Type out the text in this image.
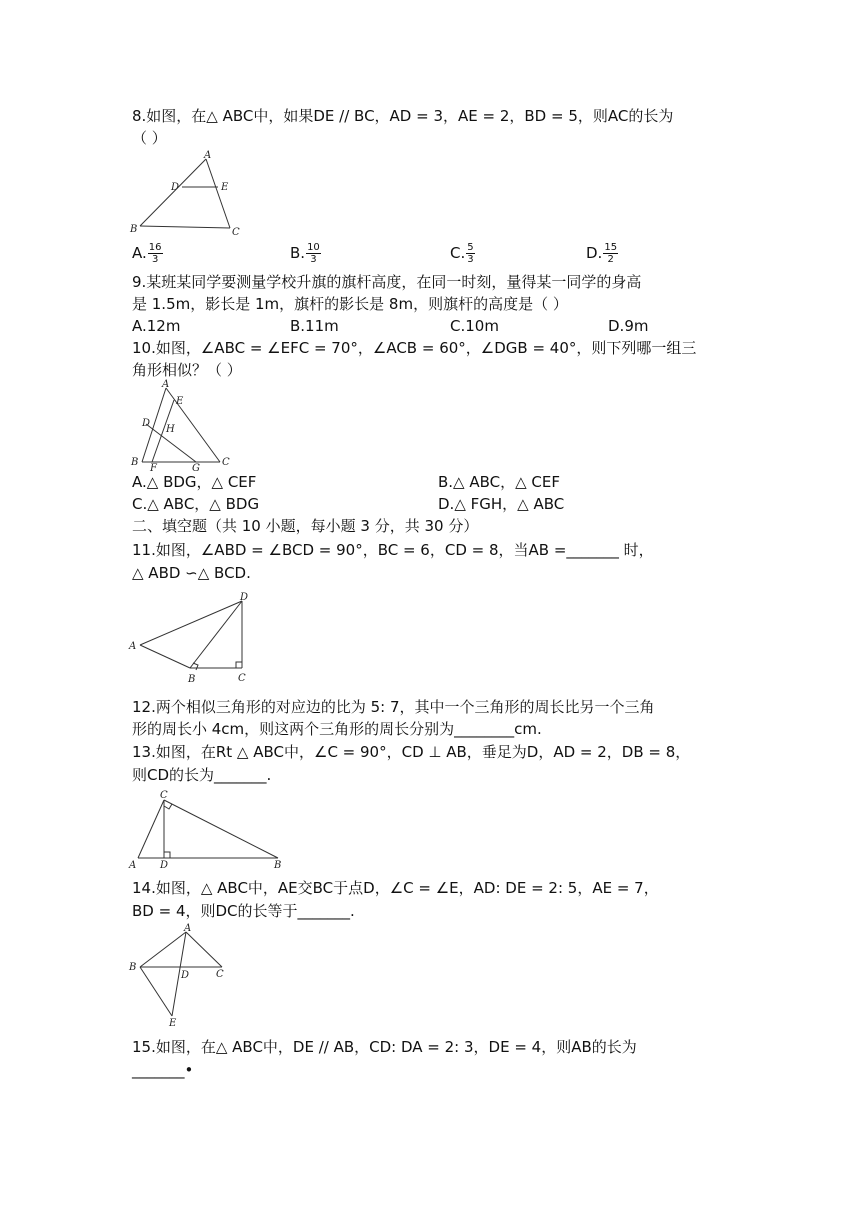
8.如图，在△ ABC中，如果DE // BC，AD = 3，AE = 2，BD = 5，则AC的长为
（ ）
A
D	E
B	C
A. $\frac{16}{3}$	B. $\frac{10}{3}$	C. $\frac{5}{3}$	D. $\frac{15}{2}$
9.某班某同学要测量学校升旗的旗杆高度，在同一时刻，量得某一同学的身高
是 1.5m，影长是 1m，旗杆的影长是 8m，则旗杆的高度是（ ）
A.12m	B.11m	C.10m	D.9m
10.如图，∠ABC = ∠EFC = 70°，∠ACB = 60°，∠DGB = 40°，则下列哪一组三
角形相似？（ ）
A
E
D
H
B
F	G
C
A.△ BDG，△ CEF	B.△ ABC，△ CEF
C.△ ABC，△ BDG	D.△ FGH，△ ABC
二、填空题（共 10 小题，每小题 3 分，共 30 分）
11.如图，∠ABD = ∠BCD = 90°，BC = 6，CD = 8，当AB =_______ 时，
△ ABD ∽△ BCD.
D
A
B	C
12.两个相似三角形的对应边的比为 5: 7，其中一个三角形的周长比另一个三角
形的周长小 4cm，则这两个三角形的周长分别为________cm.
13.如图，在Rt △ ABC中，∠C = 90°，CD ⊥ AB，垂足为D，AD = 2，DB = 8，
则CD的长为_______.
C
A D	B
14.如图，△ ABC中，AE交BC于点D，∠C = ∠E，AD: DE = 2: 5，AE = 7，
BD = 4，则DC的长等于_______.
A
B
D	C
E
15.如图，在△ ABC中，DE // AB，CD: DA = 2: 3，DE = 4，则AB的长为
_______•
